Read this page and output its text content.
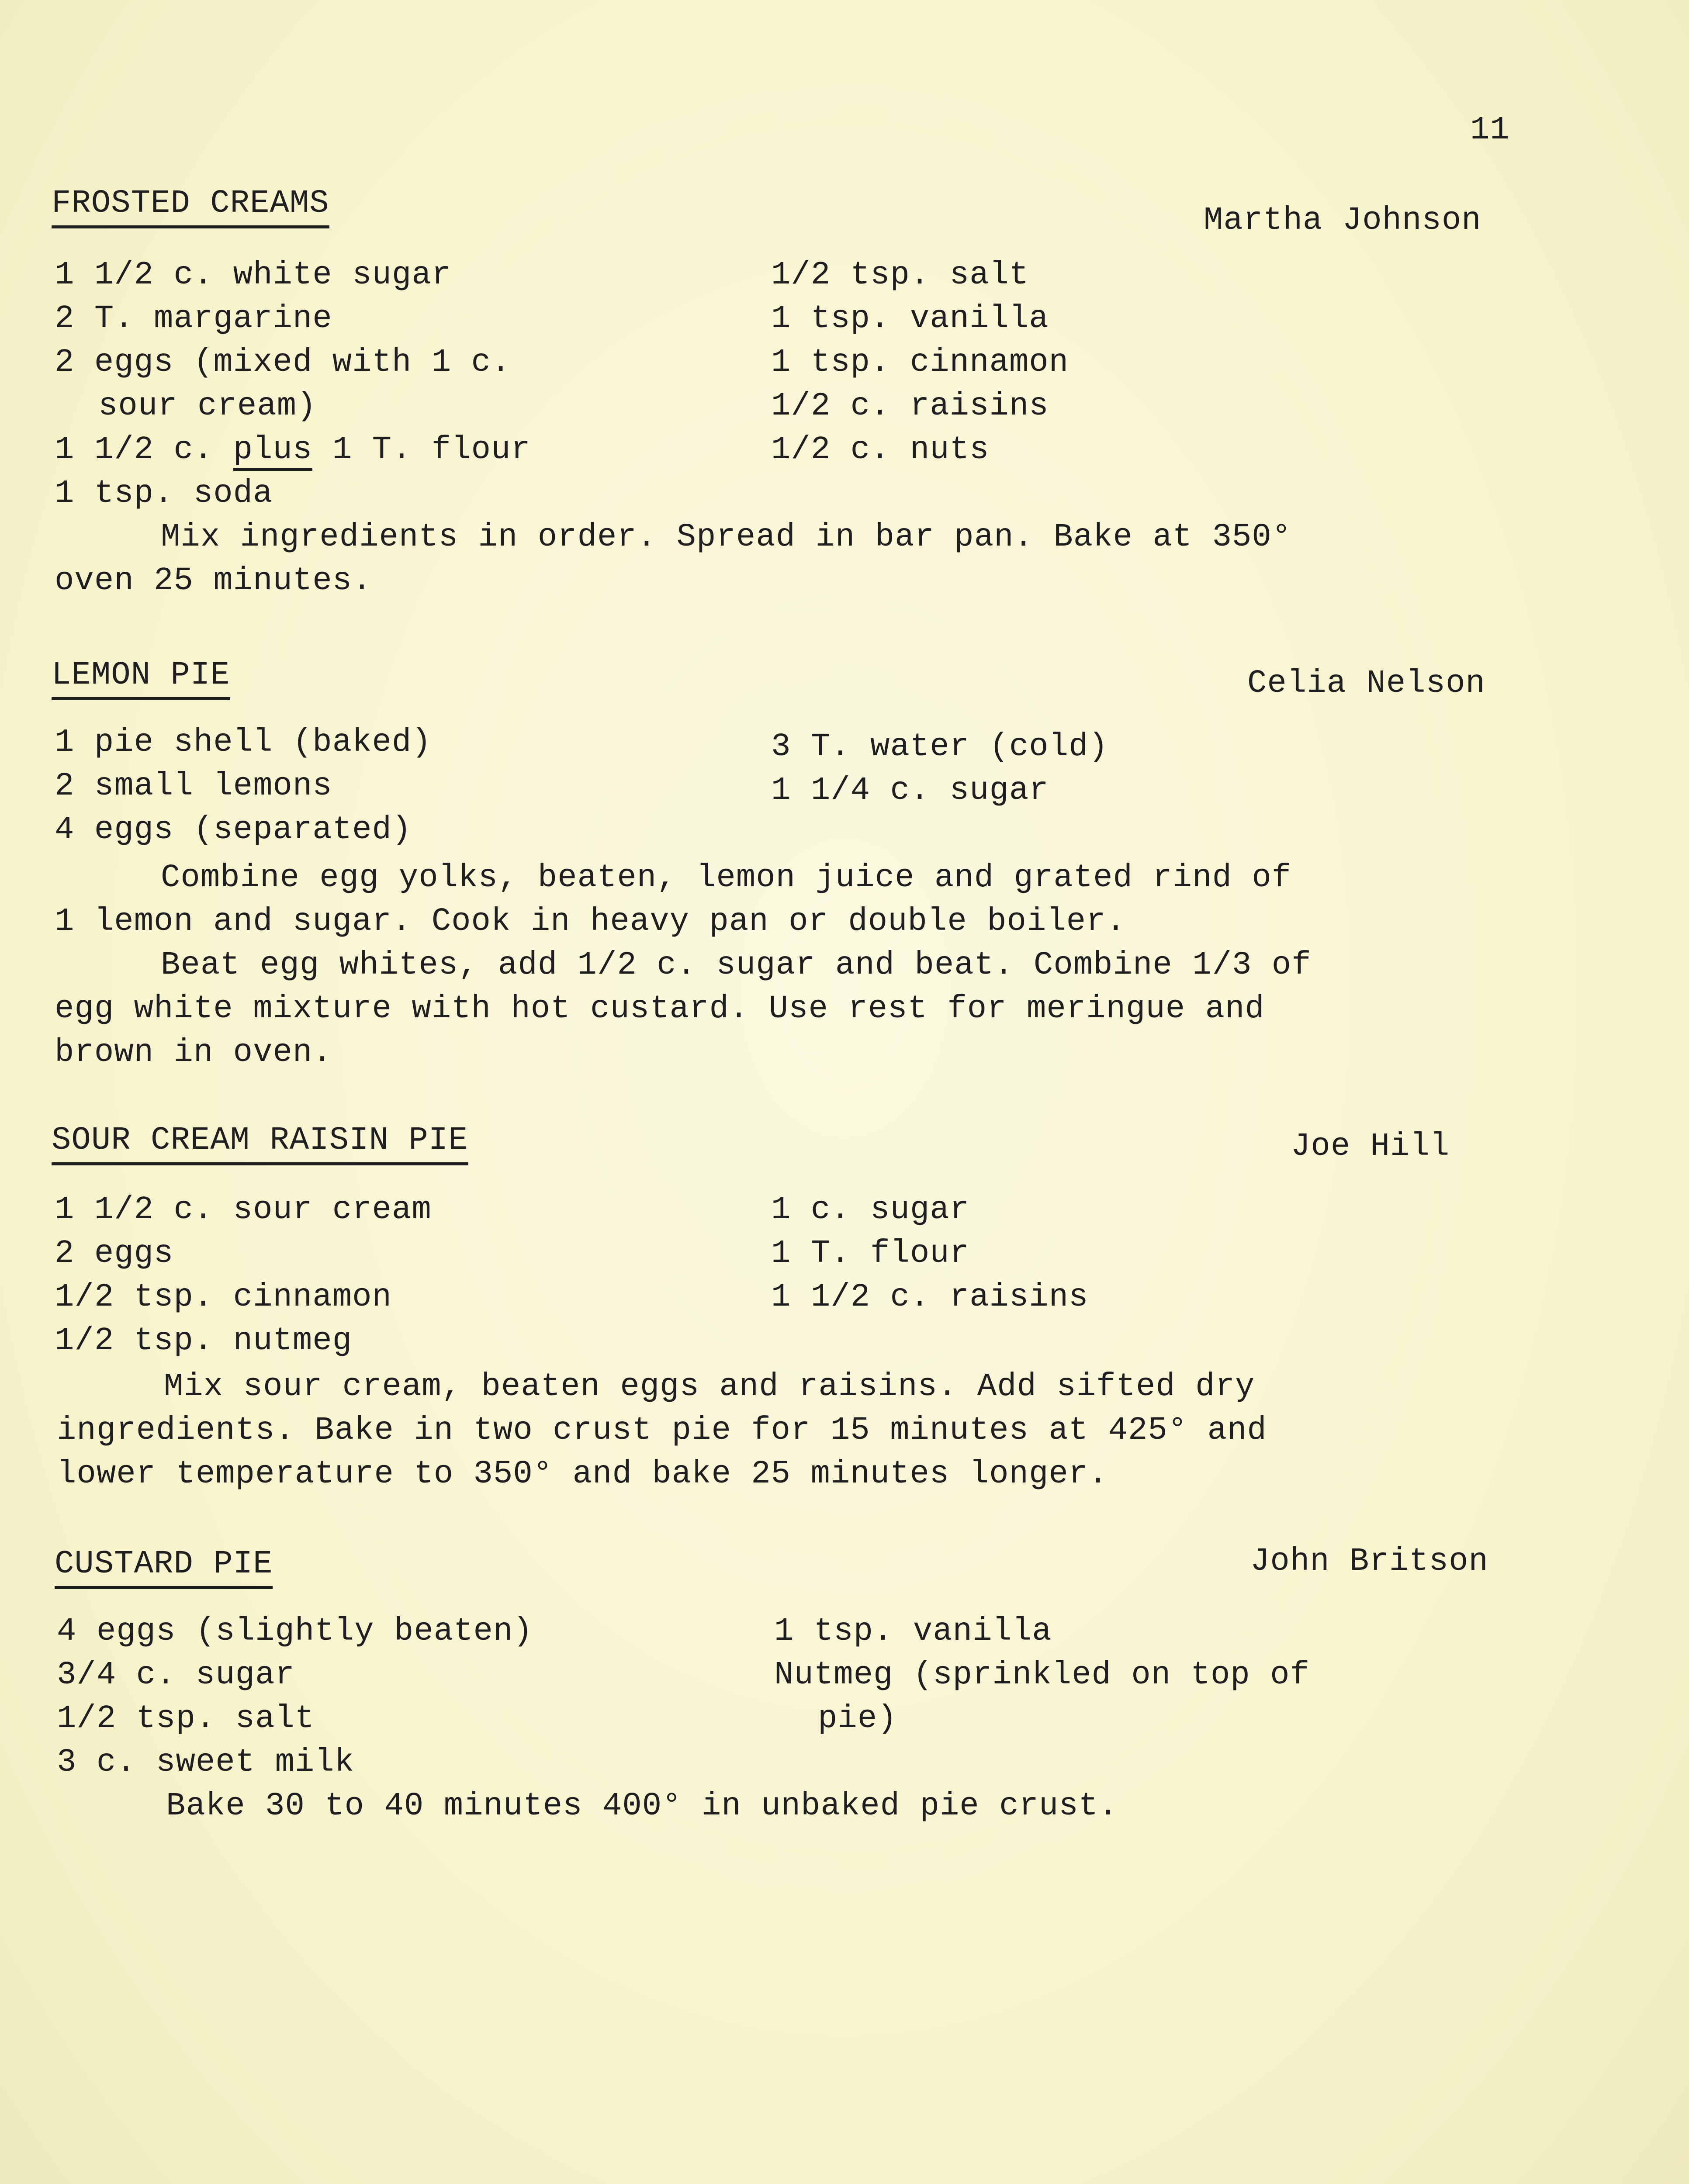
11
FROSTED CREAMS	Martha Johnson
1 1/2 c. white sugar
2 T. margarine
2 eggs (mixed with 1 c.
sour cream)
1 1/2 c. plus 1 T. flour
1 tsp. soda
1/2 tsp. salt
1 tsp. vanilla
1 tsp. cinnamon
1/2 c. raisins
1/2 c. nuts
Mix ingredients in order. Spread in bar pan. Bake at 350°
oven 25 minutes.
LEMON PIE	Celia Nelson
1 pie shell (baked)
2 small lemons
4 eggs (separated)
3 T. water (cold)
1 1/4 c. sugar
Combine egg yolks, beaten, lemon juice and grated rind of
1 lemon and sugar. Cook in heavy pan or double boiler.
Beat egg whites, add 1/2 c. sugar and beat. Combine 1/3 of
egg white mixture with hot custard. Use rest for meringue and
brown in oven.
SOUR CREAM RAISIN PIE	Joe Hill
1 1/2 c. sour cream
2 eggs
1/2 tsp. cinnamon
1/2 tsp. nutmeg
1 c. sugar
1 T. flour
1 1/2 c. raisins
Mix sour cream, beaten eggs and raisins. Add sifted dry
ingredients. Bake in two crust pie for 15 minutes at 425° and
lower temperature to 350° and bake 25 minutes longer.
CUSTARD PIE	John Britson
4 eggs (slightly beaten)
3/4 c. sugar
1/2 tsp. salt
3 c. sweet milk
1 tsp. vanilla
Nutmeg (sprinkled on top of
pie)
Bake 30 to 40 minutes 400° in unbaked pie crust.
